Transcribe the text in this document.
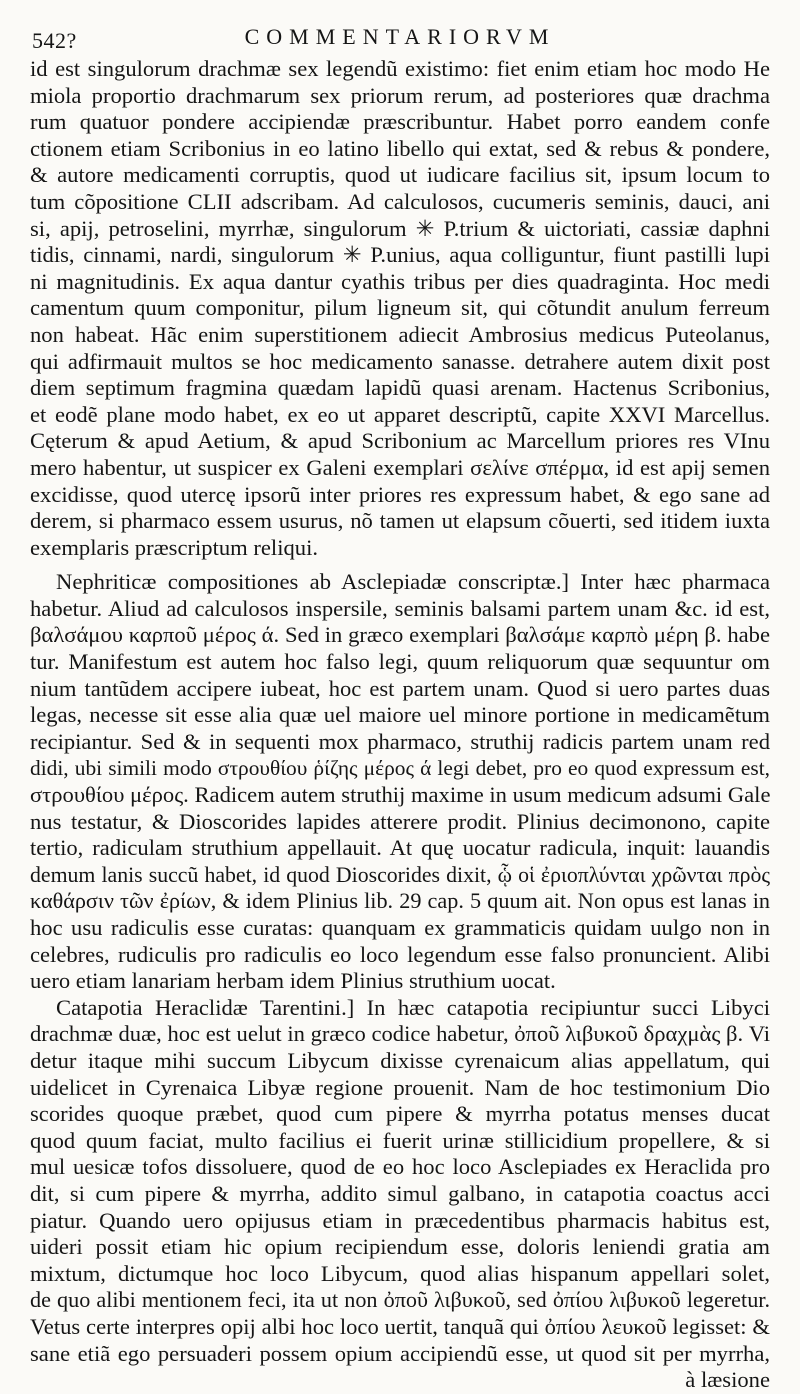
542?	COMMENTARIORVM
id est singulorum drachmæ sex legendũ existimo: fiet enim etiam hoc modo He
miola proportio drachmarum sex priorum rerum, ad posteriores quæ drachma
rum quatuor pondere accipiendæ præscribuntur. Habet porro eandem confe
ctionem etiam Scribonius in eo latino libello qui extat, sed & rebus & pondere,
& autore medicamenti corruptis, quod ut iudicare facilius sit, ipsum locum to
tum cõpositione CLII adscribam. Ad calculosos, cucumeris seminis, dauci, ani
si, apij, petroselini, myrrhæ, singulorum ✳ P.trium & uictoriati, cassiæ daphni
tidis, cinnami, nardi, singulorum ✳ P.unius, aqua colliguntur, fiunt pastilli lupi
ni magnitudinis. Ex aqua dantur cyathis tribus per dies quadraginta. Hoc medi
camentum quum componitur, pilum ligneum sit, qui cõtundit anulum ferreum
non habeat. Hãc enim superstitionem adiecit Ambrosius medicus Puteolanus,
qui adfirmauit multos se hoc medicamento sanasse. detrahere autem dixit post
diem septimum fragmina quædam lapidũ quasi arenam. Hactenus Scribonius,
et eodẽ plane modo habet, ex eo ut apparet descriptũ, capite XXVI Marcellus.
Cęterum & apud Aetium, & apud Scribonium ac Marcellum priores res VInu
mero habentur, ut suspicer ex Galeni exemplari σελίνε σπέρμα, id est apij semen
excidisse, quod utercę ipsorũ inter priores res expressum habet, & ego sane ad
derem, si pharmaco essem usurus, nõ tamen ut elapsum cõuerti, sed itidem iuxta
exemplaris præscriptum reliqui.
Nephriticæ compositiones ab Asclepiadæ conscriptæ.] Inter hæc pharmaca
habetur. Aliud ad calculosos inspersile, seminis balsami partem unam &c. id est,
βαλσάμου καρποῦ μέρος ά. Sed in græco exemplari βαλσάμε καρπὸ μέρη β. habe
tur. Manifestum est autem hoc falso legi, quum reliquorum quæ sequuntur om
nium tantũdem accipere iubeat, hoc est partem unam. Quod si uero partes duas
legas, necesse sit esse alia quæ uel maiore uel minore portione in medicamẽtum
recipiantur. Sed & in sequenti mox pharmaco, struthij radicis partem unam red
didi, ubi simili modo στρουθίου ῥίζης μέρος ά legi debet, pro eo quod expressum est,
στρουθίου μέρος. Radicem autem struthij maxime in usum medicum adsumi Gale
nus testatur, & Dioscorides lapides atterere prodit. Plinius decimonono, capite
tertio, radiculam struthium appellauit. At quę uocatur radicula, inquit: lauandis
demum lanis succũ habet, id quod Dioscorides dixit, ᾧ οἱ ἐριοπλύνται χρῶνται πρὸς
καθάρσιν τῶν ἐρίων, & idem Plinius lib. 29 cap. 5 quum ait. Non opus est lanas in
hoc usu radiculis esse curatas: quanquam ex grammaticis quidam uulgo non in
celebres, rudiculis pro radiculis eo loco legendum esse falso pronuncient. Alibi
uero etiam lanariam herbam idem Plinius struthium uocat.
Catapotia Heraclidæ Tarentini.] In hæc catapotia recipiuntur succi Libyci
drachmæ duæ, hoc est uelut in græco codice habetur, ὀποῦ λιβυκοῦ δραχμὰς β. Vi
detur itaque mihi succum Libycum dixisse cyrenaicum alias appellatum, qui
uidelicet in Cyrenaica Libyæ regione prouenit. Nam de hoc testimonium Dio
scorides quoque præbet, quod cum pipere & myrrha potatus menses ducat
quod quum faciat, multo facilius ei fuerit urinæ stillicidium propellere, & si
mul uesicæ tofos dissoluere, quod de eo hoc loco Asclepiades ex Heraclida pro
dit, si cum pipere & myrrha, addito simul galbano, in catapotia coactus acci
piatur. Quando uero opijusus etiam in præcedentibus pharmacis habitus est,
uideri possit etiam hic opium recipiendum esse, doloris leniendi gratia am
mixtum, dictumque hoc loco Libycum, quod alias hispanum appellari solet,
de quo alibi mentionem feci, ita ut non ὀποῦ λιβυκοῦ, sed ὀπίου λιβυκοῦ legeretur.
Vetus certe interpres opij albi hoc loco uertit, tanquã qui ὀπίου λευκοῦ legisset: &
sane etiã ego persuaderi possem opium accipiendũ esse, ut quod sit per myrrha,
à læsione
